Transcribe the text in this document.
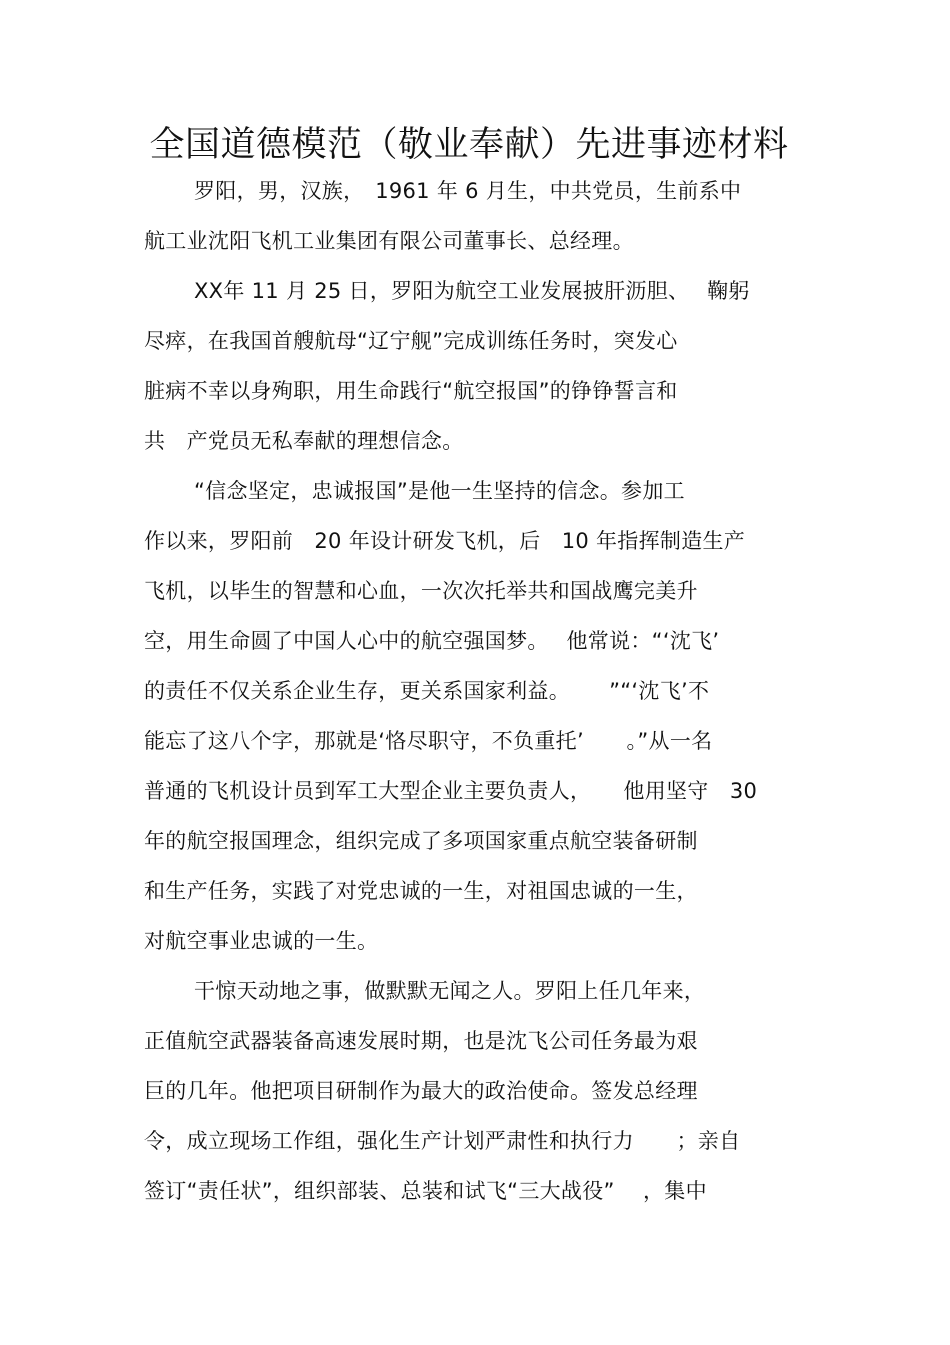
全国道德模范（敬业奉献）先进事迹材料
罗阳，男，汉族，　1961 年 6 月生，中共党员，生前系中
航工业沈阳飞机工业集团有限公司董事长、总经理。
XX年 11 月 25 日，罗阳为航空工业发展披肝沥胆、　 鞠躬
尽瘁，在我国首艘航母“辽宁舰”完成训练任务时，突发心
脏病不幸以身殉职，用生命践行“航空报国”的铮铮誓言和
共　产党员无私奉献的理想信念。
“信念坚定，忠诚报国”是他一生坚持的信念。参加工
作以来，罗阳前　20 年设计研发飞机，后　10 年指挥制造生产
飞机，以毕生的智慧和心血，一次次托举共和国战鹰完美升
空，用生命圆了中国人心中的航空强国梦。　 他常说：“‘沈飞’
的责任不仅关系企业生存，更关系国家利益。　　 ”“‘沈飞’不
能忘了这八个字，那就是‘恪尽职守，不负重托’　　。”从一名
普通的飞机设计员到军工大型企业主要负责人，　　他用坚守　30
年的航空报国理念，组织完成了多项国家重点航空装备研制
和生产任务，实践了对党忠诚的一生，对祖国忠诚的一生，
对航空事业忠诚的一生。
干惊天动地之事，做默默无闻之人。罗阳上任几年来，
正值航空武器装备高速发展时期，也是沈飞公司任务最为艰
巨的几年。他把项目研制作为最大的政治使命。签发总经理
令，成立现场工作组，强化生产计划严肃性和执行力　　；亲自
签订“责任状”，组织部装、总装和试飞“三大战役”　 ，集中
